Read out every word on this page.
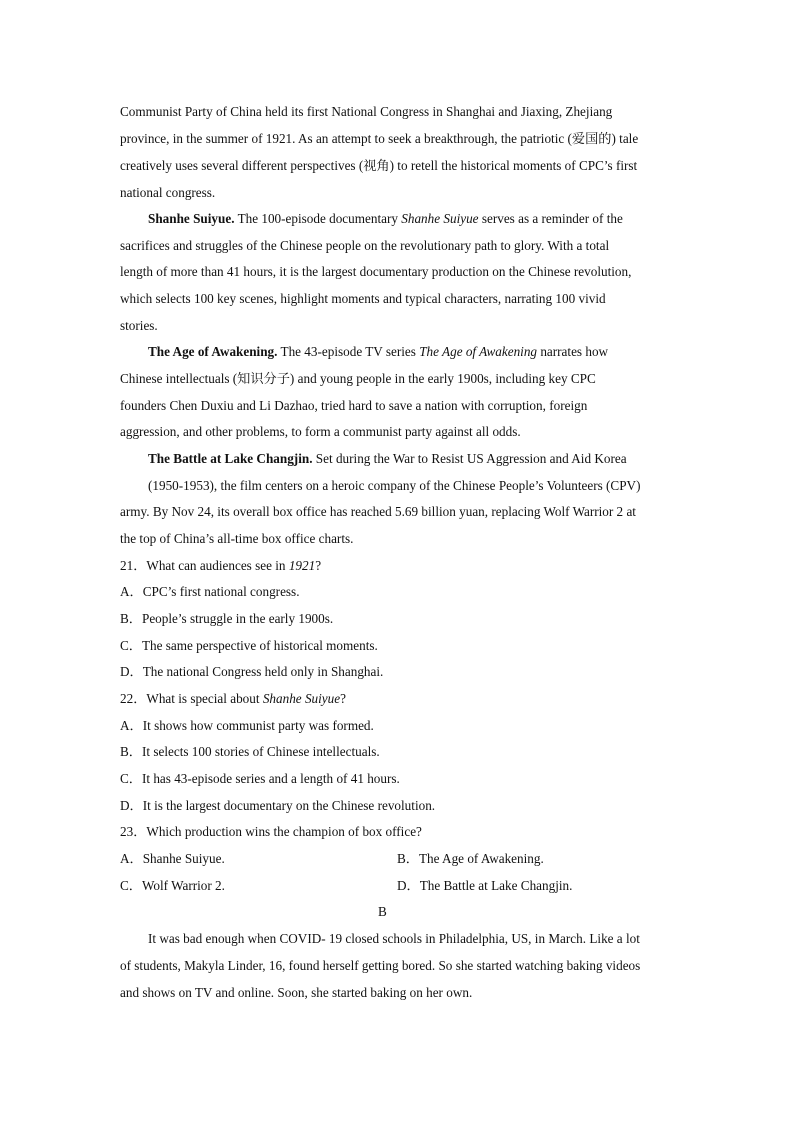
Communist Party of China held its first National Congress in Shanghai and Jiaxing, Zhejiang
province, in the summer of 1921. As an attempt to seek a breakthrough, the patriotic (爱国的) tale
creatively uses several different perspectives (视角) to retell the historical moments of CPC’s first
national congress.
Shanhe Suiyue. The 100-episode documentary Shanhe Suiyue serves as a reminder of the
sacrifices and struggles of the Chinese people on the revolutionary path to glory. With a total
length of more than 41 hours, it is the largest documentary production on the Chinese revolution,
which selects 100 key scenes, highlight moments and typical characters, narrating 100 vivid
stories.
The Age of Awakening. The 43-episode TV series The Age of Awakening narrates how
Chinese intellectuals (知识分子) and young people in the early 1900s, including key CPC
founders Chen Duxiu and Li Dazhao, tried hard to save a nation with corruption, foreign
aggression, and other problems, to form a communist party against all odds.
The Battle at Lake Changjin. Set during the War to Resist US Aggression and Aid Korea
(1950-1953), the film centers on a heroic company of the Chinese People’s Volunteers (CPV)
army. By Nov 24, its overall box office has reached 5.69 billion yuan, replacing Wolf Warrior 2 at
the top of China’s all-time box office charts.
21．What can audiences see in 1921?
A．CPC’s first national congress.
B．People’s struggle in the early 1900s.
C．The same perspective of historical moments.
D．The national Congress held only in Shanghai.
22．What is special about Shanhe Suiyue?
A．It shows how communist party was formed.
B．It selects 100 stories of Chinese intellectuals.
C．It has 43-episode series and a length of 41 hours.
D．It is the largest documentary on the Chinese revolution.
23．Which production wins the champion of box office?
A．Shanhe Suiyue.	B．The Age of Awakening.
C．Wolf Warrior 2.	D．The Battle at Lake Changjin.
B
It was bad enough when COVID- 19 closed schools in Philadelphia, US, in March. Like a lot
of students, Makyla Linder, 16, found herself getting bored. So she started watching baking videos
and shows on TV and online. Soon, she started baking on her own.
